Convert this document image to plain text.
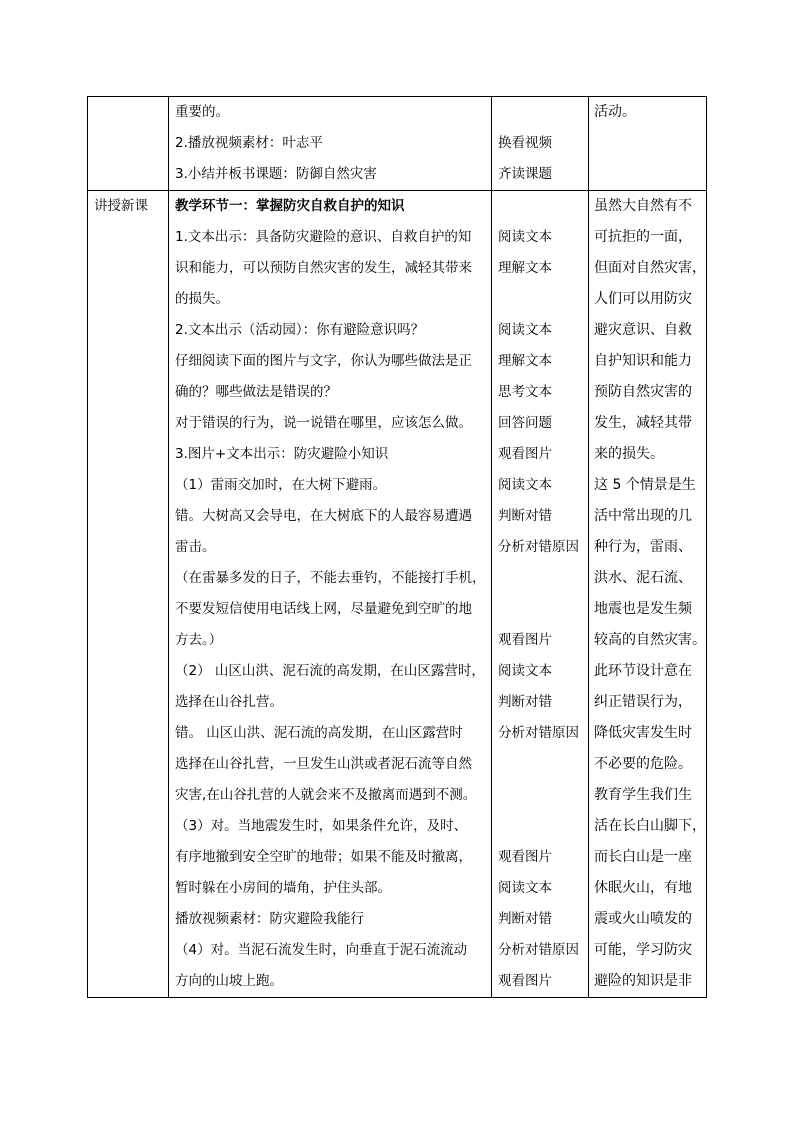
重要的。
2.播放视频素材：叶志平
3.小结并板书课题：防御自然灾害
换看视频
齐读课题
活动。
讲授新课	教学环节一：掌握防灾自救自护的知识
1.文本出示：具备防灾避险的意识、自救自护的知
识和能力，可以预防自然灾害的发生，减轻其带来
的损失。
2.文本出示（活动园）：你有避险意识吗？
仔细阅读下面的图片与文字，你认为哪些做法是正
确的？哪些做法是错误的？
对于错误的行为，说一说错在哪里，应该怎么做。
3.图片+文本出示：防灾避险小知识
（1）雷雨交加时，在大树下避雨。
错。大树高又会导电，在大树底下的人最容易遭遇
雷击。
（在雷暴多发的日子，不能去垂钓，不能接打手机，
不要发短信使用电话线上网，尽量避免到空旷的地
方去。）
（2） 山区山洪、泥石流的高发期，在山区露营时，
选择在山谷扎营。
错。 山区山洪、泥石流的高发期，在山区露营时
选择在山谷扎营，一旦发生山洪或者泥石流等自然
灾害,在山谷扎营的人就会来不及撤离而遇到不测。
（3）对。当地震发生时，如果条件允许，及时、
有序地撤到安全空旷的地带；如果不能及时撤离，
暂时躲在小房间的墙角，护住头部。
播放视频素材：防灾避险我能行
（4）对。当泥石流发生时，向垂直于泥石流流动
方向的山坡上跑。
阅读文本
理解文本
阅读文本
理解文本
思考文本
回答问题
观看图片
阅读文本
判断对错
分析对错原因
观看图片
阅读文本
判断对错
分析对错原因
观看图片
阅读文本
判断对错
分析对错原因
观看图片
虽然大自然有不
可抗拒的一面，
但面对自然灾害，
人们可以用防灾
避灾意识、自救
自护知识和能力
预防自然灾害的
发生，减轻其带
来的损失。
这 5 个情景是生
活中常出现的几
种行为，雷雨、
洪水、泥石流、
地震也是发生频
较高的自然灾害。
此环节设计意在
纠正错误行为，
降低灾害发生时
不必要的危险。
教育学生我们生
活在长白山脚下，
而长白山是一座
休眠火山，有地
震或火山喷发的
可能，学习防灾
避险的知识是非
